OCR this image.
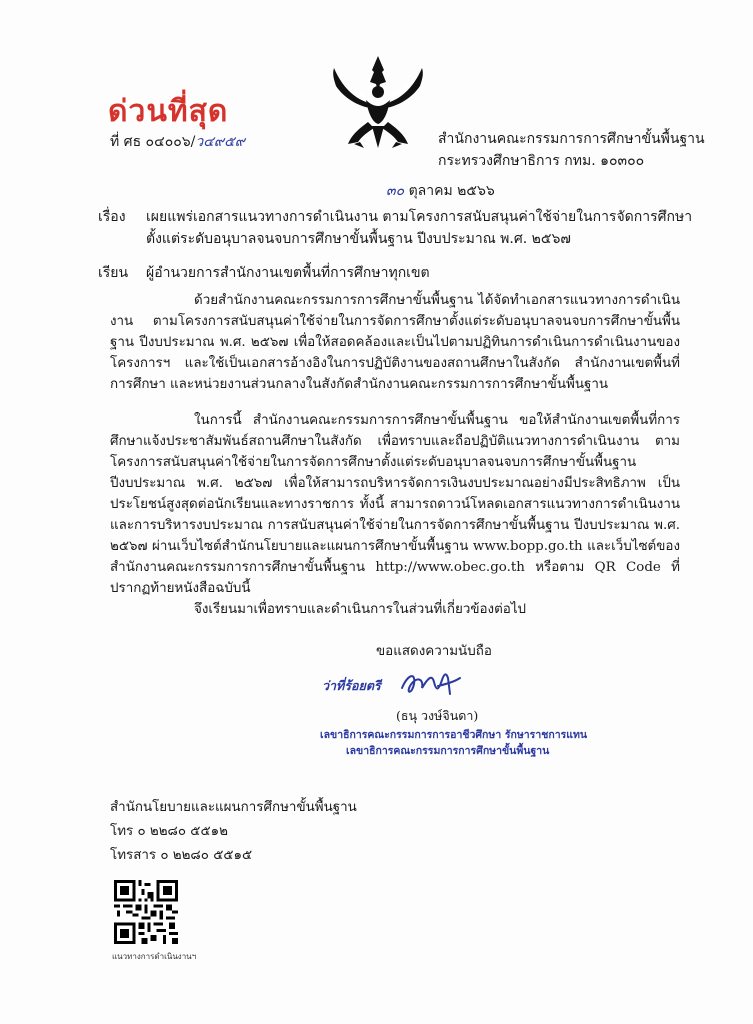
ด่วนที่สุด
ที่ ศธ ๐๔๐๐๖/ว๔๙๕๙	สำนักงานคณะกรรมการการศึกษาขั้นพื้นฐาน
กระทรวงศึกษาธิการ กทม. ๑๐๓๐๐
๓๐ ตุลาคม ๒๕๖๖
เรื่อง เผยแพร่เอกสารแนวทางการดำเนินงาน ตามโครงการสนับสนุนค่าใช้จ่ายในการจัดการศึกษาตั้งแต่ระดับอนุบาลจนจบการศึกษาขั้นพื้นฐาน ปีงบประมาณ พ.ศ. ๒๕๖๗
เรียน ผู้อำนวยการสำนักงานเขตพื้นที่การศึกษาทุกเขต
ด้วยสำนักงานคณะกรรมการการศึกษาขั้นพื้นฐาน ได้จัดทำเอกสารแนวทางการดำเนินงาน ตามโครงการสนับสนุนค่าใช้จ่ายในการจัดการศึกษาตั้งแต่ระดับอนุบาลจนจบการศึกษาขั้นพื้นฐาน ปีงบประมาณ พ.ศ. ๒๕๖๗ เพื่อให้สอดคล้องและเป็นไปตามปฏิทินการดำเนินการดำเนินงานของโครงการฯ และใช้เป็นเอกสารอ้างอิงในการปฏิบัติงานของสถานศึกษาในสังกัด สำนักงานเขตพื้นที่การศึกษา และหน่วยงานส่วนกลางในสังกัดสำนักงานคณะกรรมการการศึกษาขั้นพื้นฐาน
ในการนี้ สำนักงานคณะกรรมการการศึกษาขั้นพื้นฐาน ขอให้สำนักงานเขตพื้นที่การศึกษาแจ้งประชาสัมพันธ์สถานศึกษาในสังกัด เพื่อทราบและถือปฏิบัติแนวทางการดำเนินงาน ตามโครงการสนับสนุนค่าใช้จ่ายในการจัดการศึกษาตั้งแต่ระดับอนุบาลจนจบการศึกษาขั้นพื้นฐาน ปีงบประมาณ พ.ศ. ๒๕๖๗ เพื่อให้สามารถบริหารจัดการเงินงบประมาณอย่างมีประสิทธิภาพ เป็นประโยชน์สูงสุดต่อนักเรียนและทางราชการ ทั้งนี้ สามารถดาวน์โหลดเอกสารแนวทางการดำเนินงานและการบริหารงบประมาณ การสนับสนุนค่าใช้จ่ายในการจัดการศึกษาขั้นพื้นฐาน ปีงบประมาณ พ.ศ. ๒๕๖๗ ผ่านเว็บไซต์สำนักนโยบายและแผนการศึกษาขั้นพื้นฐาน www.bopp.go.th และเว็บไซต์ของสำนักงานคณะกรรมการการศึกษาขั้นพื้นฐาน http://www.obec.go.th หรือตาม QR Code ที่ปรากฏท้ายหนังสือฉบับนี้
จึงเรียนมาเพื่อทราบและดำเนินการในส่วนที่เกี่ยวข้องต่อไป
ขอแสดงความนับถือ
ว่าที่ร้อยตรี
(ธนุ วงษ์จินดา)
เลขาธิการคณะกรรมการการอาชีวศึกษา รักษาราชการแทน
เลขาธิการคณะกรรมการการศึกษาขั้นพื้นฐาน
สำนักนโยบายและแผนการศึกษาขั้นพื้นฐาน
โทร ๐ ๒๒๘๐ ๕๕๑๒
โทรสาร ๐ ๒๒๘๐ ๕๕๑๕
แนวทางการดำเนินงานฯ
